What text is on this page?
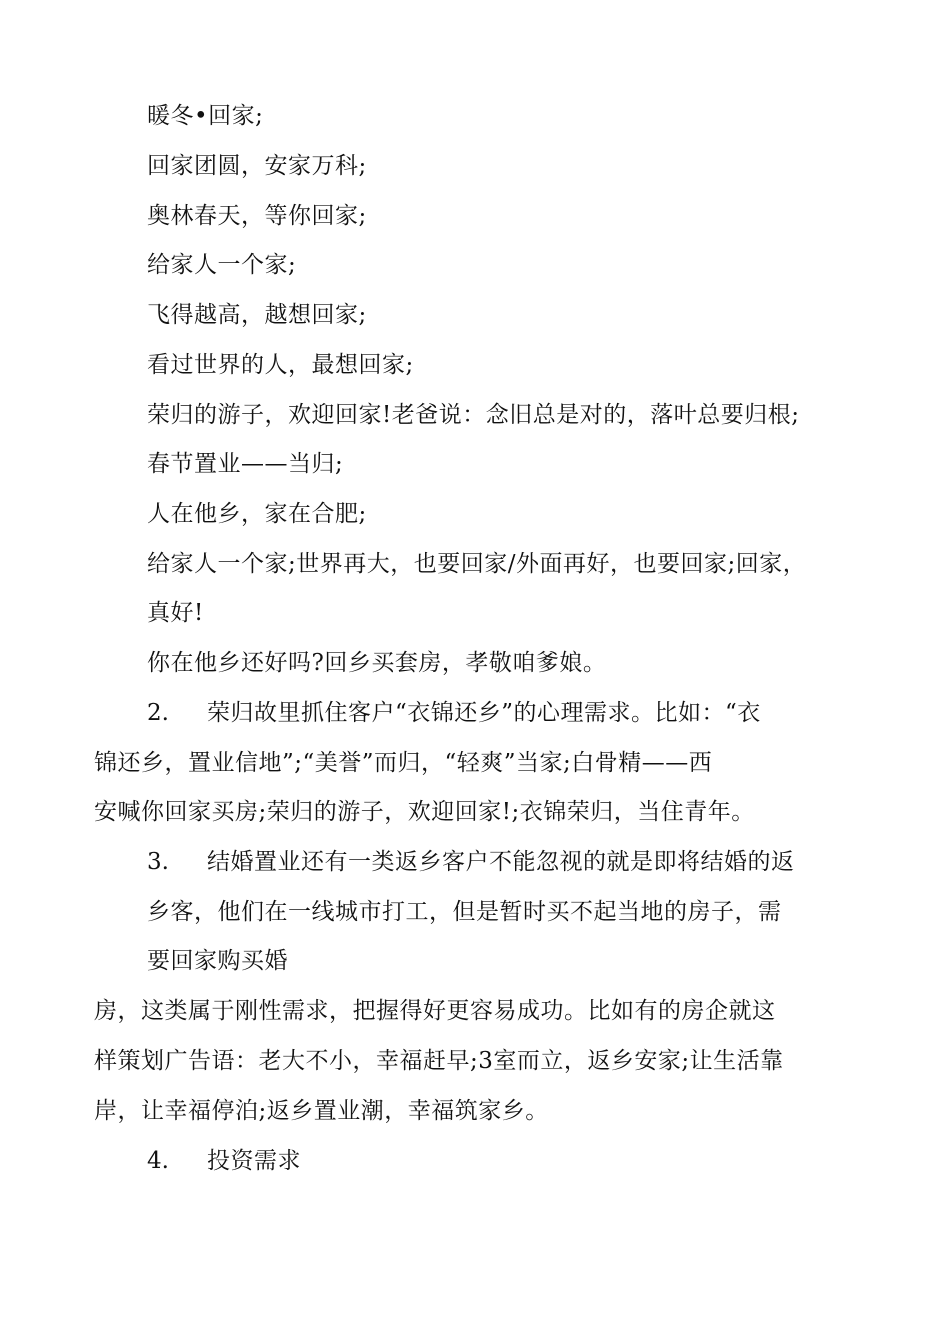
暖冬•回家;
回家团圆，安家万科;
奥林春天，等你回家;
给家人一个家;
飞得越高，越想回家;
看过世界的人，最想回家;
荣归的游子，欢迎回家!老爸说：念旧总是对的，落叶总要归根;
春节置业——当归;
人在他乡，家在合肥;
给家人一个家;世界再大，也要回家/外面再好，也要回家;回家，
真好!
你在他乡还好吗?回乡买套房，孝敬咱爹娘。
2. 荣归故里抓住客户“衣锦还乡”的心理需求。比如：“衣
锦还乡，置业信地”;“美誉”而归，“轻爽”当家;白骨精——西
安喊你回家买房;荣归的游子，欢迎回家!;衣锦荣归，当住青年。
3. 结婚置业还有一类返乡客户不能忽视的就是即将结婚的返
乡客，他们在一线城市打工，但是暂时买不起当地的房子，需
要回家购买婚
房，这类属于刚性需求，把握得好更容易成功。比如有的房企就这
样策划广告语：老大不小，幸福赶早;3室而立，返乡安家;让生活靠
岸，让幸福停泊;返乡置业潮，幸福筑家乡。
4. 投资需求
